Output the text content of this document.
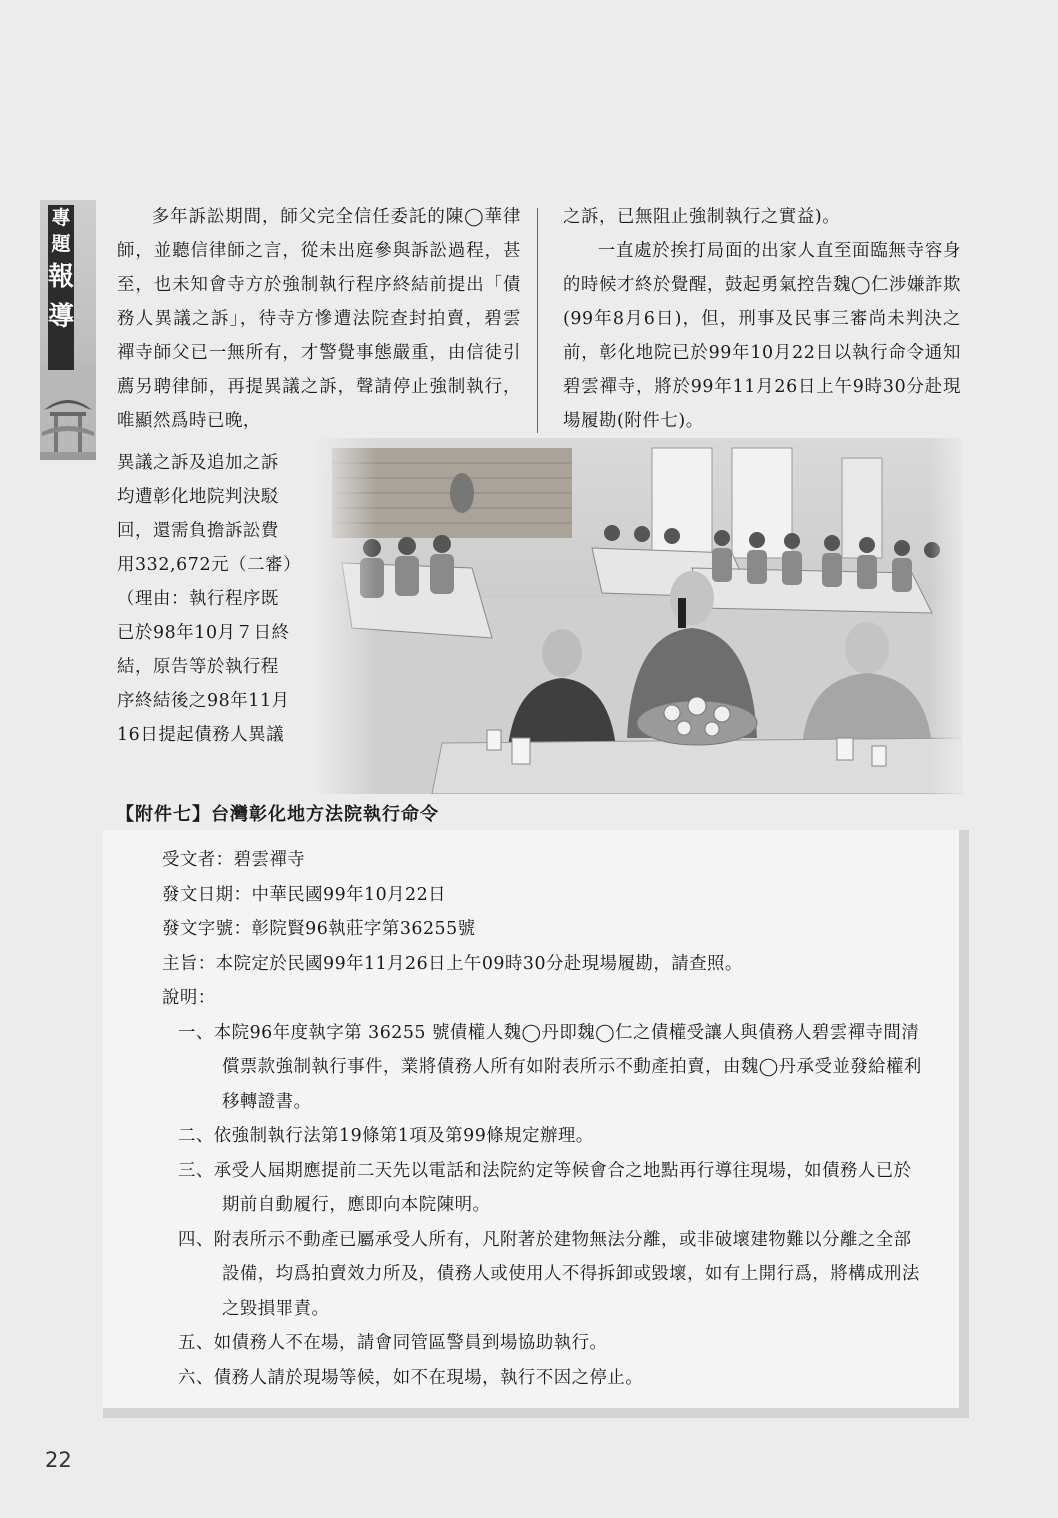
專
題
報
導

多年訴訟期間，師父完全信任委託的陳◯華律師，並聽信律師之言，從未出庭參與訴訟過程，甚至，也未知會寺方於強制執行程序終結前提出「債務人異議之訴」，待寺方慘遭法院查封拍賣，碧雲禪寺師父已一無所有，才警覺事態嚴重，由信徒引薦另聘律師，再提異議之訴，聲請停止強制執行，唯顯然爲時已晚，

之訴，已無阻止強制執行之實益)。

一直處於挨打局面的出家人直至面臨無寺容身的時候才終於覺醒，鼓起勇氣控告魏◯仁涉嫌詐欺(99年8月6日)，但，刑事及民事三審尚未判決之前，彰化地院已於99年10月22日以執行命令通知碧雲禪寺，將於99年11月26日上午9時30分赴現場履勘(附件七)。

異議之訴及追加之訴

均遭彰化地院判決駁

回，還需負擔訴訟費

用332,672元（二審）

（理由：執行程序既

已於98年10月７日終

結，原告等於執行程

序終結後之98年11月

16日提起債務人異議

【附件七】台灣彰化地方法院執行命令
受文者：碧雲禪寺
發文日期：中華民國99年10月22日
發文字號：彰院賢96執莊字第36255號
主旨：本院定於民國99年11月26日上午09時30分赴現場履勘，請查照。
說明：
一、本院96年度執字第 36255 號債權人魏◯丹即魏◯仁之債權受讓人與債務人碧雲禪寺間清償票款強制執行事件，業將債務人所有如附表所示不動產拍賣，由魏◯丹承受並發給權利移轉證書。
二、依強制執行法第19條第1項及第99條規定辦理。
三、承受人屆期應提前二天先以電話和法院約定等候會合之地點再行導往現場，如債務人已於期前自動履行，應即向本院陳明。
四、附表所示不動產已屬承受人所有，凡附著於建物無法分離，或非破壞建物難以分離之全部設備，均爲拍賣效力所及，債務人或使用人不得拆卸或毀壞，如有上開行爲，將構成刑法之毀損罪責。
五、如債務人不在場，請會同管區警員到場協助執行。
六、債務人請於現場等候，如不在現場，執行不因之停止。
22
